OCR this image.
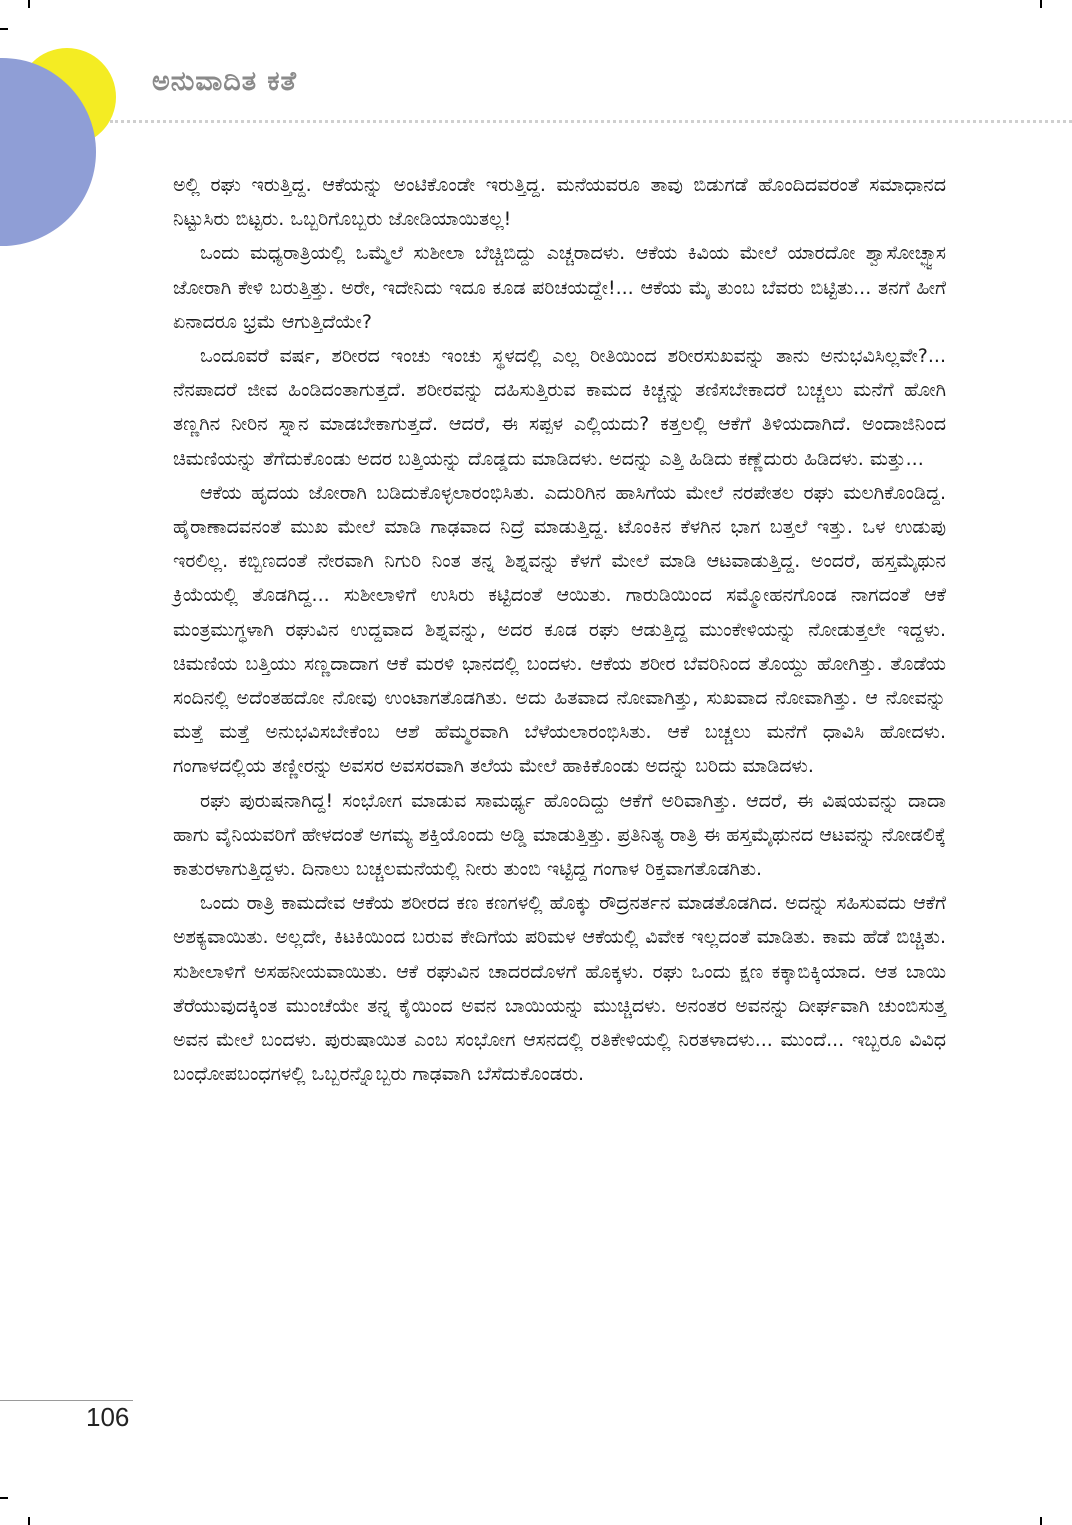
ಅನುವಾದಿತ ಕತೆ

ಅಲ್ಲಿ ರಘು ಇರುತ್ತಿದ್ದ. ಆಕೆಯನ್ನು ಅಂಟಿಕೊಂಡೇ ಇರುತ್ತಿದ್ದ. ಮನೆಯವರೂ ತಾವು ಬಿಡುಗಡೆ ಹೊಂದಿದವರಂತೆ ಸಮಾಧಾನದ ನಿಟ್ಟುಸಿರು ಬಿಟ್ಟರು. ಒಬ್ಬರಿಗೊಬ್ಬರು ಜೋಡಿಯಾಯಿತಲ್ಲ!

ಒಂದು ಮಧ್ಯರಾತ್ರಿಯಲ್ಲಿ ಒಮ್ಮೆಲೆ ಸುಶೀಲಾ ಬೆಚ್ಚಿಬಿದ್ದು ಎಚ್ಚರಾದಳು. ಆಕೆಯ ಕಿವಿಯ ಮೇಲೆ ಯಾರದೋ ಶ್ವಾಸೋಚ್ಛ್ವಾಸ ಜೋರಾಗಿ ಕೇಳಿ ಬರುತ್ತಿತ್ತು. ಅರೇ, ಇದೇನಿದು ಇದೂ ಕೂಡ ಪರಿಚಯದ್ದೇ!... ಆಕೆಯ ಮೈ ತುಂಬ ಬೆವರು ಬಿಟ್ಟಿತು... ತನಗೆ ಹೀಗೆ ಏನಾದರೂ ಭ್ರಮೆ ಆಗುತ್ತಿದೆಯೇ?

ಒಂದೂವರೆ ವರ್ಷ, ಶರೀರದ ಇಂಚು ಇಂಚು ಸ್ಥಳದಲ್ಲಿ ಎಲ್ಲ ರೀತಿಯಿಂದ ಶರೀರಸುಖವನ್ನು ತಾನು ಅನುಭವಿಸಿಲ್ಲವೇ?... ನೆನಪಾದರೆ ಜೀವ ಹಿಂಡಿದಂತಾಗುತ್ತದೆ. ಶರೀರವನ್ನು ದಹಿಸುತ್ತಿರುವ ಕಾಮದ ಕಿಚ್ಚನ್ನು ತಣಿಸಬೇಕಾದರೆ ಬಚ್ಚಲು ಮನೆಗೆ ಹೋಗಿ ತಣ್ಣಗಿನ ನೀರಿನ ಸ್ನಾನ ಮಾಡಬೇಕಾಗುತ್ತದೆ. ಆದರೆ, ಈ ಸಪ್ಪಳ ಎಲ್ಲಿಯದು? ಕತ್ತಲಲ್ಲಿ ಆಕೆಗೆ ತಿಳಿಯದಾಗಿದೆ. ಅಂದಾಜಿನಿಂದ ಚಿಮಣಿಯನ್ನು ತೆಗೆದುಕೊಂಡು ಅದರ ಬತ್ತಿಯನ್ನು ದೊಡ್ಡದು ಮಾಡಿದಳು. ಅದನ್ನು ಎತ್ತಿ ಹಿಡಿದು ಕಣ್ಣೆದುರು ಹಿಡಿದಳು. ಮತ್ತು...

ಆಕೆಯ ಹೃದಯ ಜೋರಾಗಿ ಬಡಿದುಕೊಳ್ಳಲಾರಂಭಿಸಿತು. ಎದುರಿಗಿನ ಹಾಸಿಗೆಯ ಮೇಲೆ ನರಪೇತಲ ರಘು ಮಲಗಿಕೊಂಡಿದ್ದ. ಹೈರಾಣಾದವನಂತೆ ಮುಖ ಮೇಲೆ ಮಾಡಿ ಗಾಢವಾದ ನಿದ್ರೆ ಮಾಡುತ್ತಿದ್ದ. ಟೊಂಕಿನ ಕೆಳಗಿನ ಭಾಗ ಬತ್ತಲೆ ಇತ್ತು. ಒಳ ಉಡುಪು ಇರಲಿಲ್ಲ. ಕಬ್ಬಿಣದಂತೆ ನೇರವಾಗಿ ನಿಗುರಿ ನಿಂತ ತನ್ನ ಶಿಶ್ನವನ್ನು ಕೆಳಗೆ ಮೇಲೆ ಮಾಡಿ ಆಟವಾಡುತ್ತಿದ್ದ. ಅಂದರೆ, ಹಸ್ತಮೈಥುನ ಕ್ರಿಯೆಯಲ್ಲಿ ತೊಡಗಿದ್ದ... ಸುಶೀಲಾಳಿಗೆ ಉಸಿರು ಕಟ್ಟಿದಂತೆ ಆಯಿತು. ಗಾರುಡಿಯಿಂದ ಸಮ್ಮೋಹನಗೊಂಡ ನಾಗದಂತೆ ಆಕೆ ಮಂತ್ರಮುಗ್ಧಳಾಗಿ ರಘುವಿನ ಉದ್ದವಾದ ಶಿಶ್ನವನ್ನು, ಅದರ ಕೂಡ ರಘು ಆಡುತ್ತಿದ್ದ ಮುಂಕೇಳಿಯನ್ನು ನೋಡುತ್ತಲೇ ಇದ್ದಳು. ಚಿಮಣಿಯ ಬತ್ತಿಯು ಸಣ್ಣದಾದಾಗ ಆಕೆ ಮರಳಿ ಭಾನದಲ್ಲಿ ಬಂದಳು. ಆಕೆಯ ಶರೀರ ಬೆವರಿನಿಂದ ತೊಯ್ದು ಹೋಗಿತ್ತು. ತೊಡೆಯ ಸಂದಿನಲ್ಲಿ ಅದೆಂತಹದೋ ನೋವು ಉಂಟಾಗತೊಡಗಿತು. ಅದು ಹಿತವಾದ ನೋವಾಗಿತ್ತು, ಸುಖವಾದ ನೋವಾಗಿತ್ತು. ಆ ನೋವನ್ನು ಮತ್ತೆ ಮತ್ತೆ ಅನುಭವಿಸಬೇಕೆಂಬ ಆಶೆ ಹೆಮ್ಮರವಾಗಿ ಬೆಳೆಯಲಾರಂಭಿಸಿತು. ಆಕೆ ಬಚ್ಚಲು ಮನೆಗೆ ಧಾವಿಸಿ ಹೋದಳು. ಗಂಗಾಳದಲ್ಲಿಯ ತಣ್ಣೀರನ್ನು ಅವಸರ ಅವಸರವಾಗಿ ತಲೆಯ ಮೇಲೆ ಹಾಕಿಕೊಂಡು ಅದನ್ನು ಬರಿದು ಮಾಡಿದಳು.

ರಘು ಪುರುಷನಾಗಿದ್ದ! ಸಂಭೋಗ ಮಾಡುವ ಸಾಮರ್ಥ್ಯ ಹೊಂದಿದ್ದು ಆಕೆಗೆ ಅರಿವಾಗಿತ್ತು. ಆದರೆ, ಈ ವಿಷಯವನ್ನು ದಾದಾ ಹಾಗು ವೈನಿಯವರಿಗೆ ಹೇಳದಂತೆ ಅಗಮ್ಯ ಶಕ್ತಿಯೊಂದು ಅಡ್ಡಿ ಮಾಡುತ್ತಿತ್ತು. ಪ್ರತಿನಿತ್ಯ ರಾತ್ರಿ ಈ ಹಸ್ತಮೈಥುನದ ಆಟವನ್ನು ನೋಡಲಿಕ್ಕೆ ಕಾತುರಳಾಗುತ್ತಿದ್ದಳು. ದಿನಾಲು ಬಚ್ಚಲಮನೆಯಲ್ಲಿ ನೀರು ತುಂಬಿ ಇಟ್ಟಿದ್ದ ಗಂಗಾಳ ರಿಕ್ತವಾಗತೊಡಗಿತು.

ಒಂದು ರಾತ್ರಿ ಕಾಮದೇವ ಆಕೆಯ ಶರೀರದ ಕಣ ಕಣಗಳಲ್ಲಿ ಹೊಕ್ಕು ರೌದ್ರನರ್ತನ ಮಾಡತೊಡಗಿದ. ಅದನ್ನು ಸಹಿಸುವದು ಆಕೆಗೆ ಅಶಕ್ಯವಾಯಿತು. ಅಲ್ಲದೇ, ಕಿಟಕಿಯಿಂದ ಬರುವ ಕೇದಿಗೆಯ ಪರಿಮಳ ಆಕೆಯಲ್ಲಿ ವಿವೇಕ ಇಲ್ಲದಂತೆ ಮಾಡಿತು. ಕಾಮ ಹೆಡೆ ಬಿಚ್ಚಿತು. ಸುಶೀಲಾಳಿಗೆ ಅಸಹನೀಯವಾಯಿತು. ಆಕೆ ರಘುವಿನ ಚಾದರದೊಳಗೆ ಹೊಕ್ಕಳು. ರಘು ಒಂದು ಕ್ಷಣ ಕಕ್ಕಾಬಿಕ್ಕಿಯಾದ. ಆತ ಬಾಯಿ ತೆರೆಯುವುದಕ್ಕಿಂತ ಮುಂಚೆಯೇ ತನ್ನ ಕೈಯಿಂದ ಅವನ ಬಾಯಿಯನ್ನು ಮುಚ್ಚಿದಳು. ಅನಂತರ ಅವನನ್ನು ದೀರ್ಘವಾಗಿ ಚುಂಬಿಸುತ್ತ ಅವನ ಮೇಲೆ ಬಂದಳು. ಪುರುಷಾಯಿತ ಎಂಬ ಸಂಭೋಗ ಆಸನದಲ್ಲಿ ರತಿಕೇಳಿಯಲ್ಲಿ ನಿರತಳಾದಳು... ಮುಂದೆ... ಇಬ್ಬರೂ ವಿವಿಧ ಬಂಧೋಪಬಂಧಗಳಲ್ಲಿ ಒಬ್ಬರನ್ನೊಬ್ಬರು ಗಾಢವಾಗಿ ಬೆಸೆದುಕೊಂಡರು.

106
